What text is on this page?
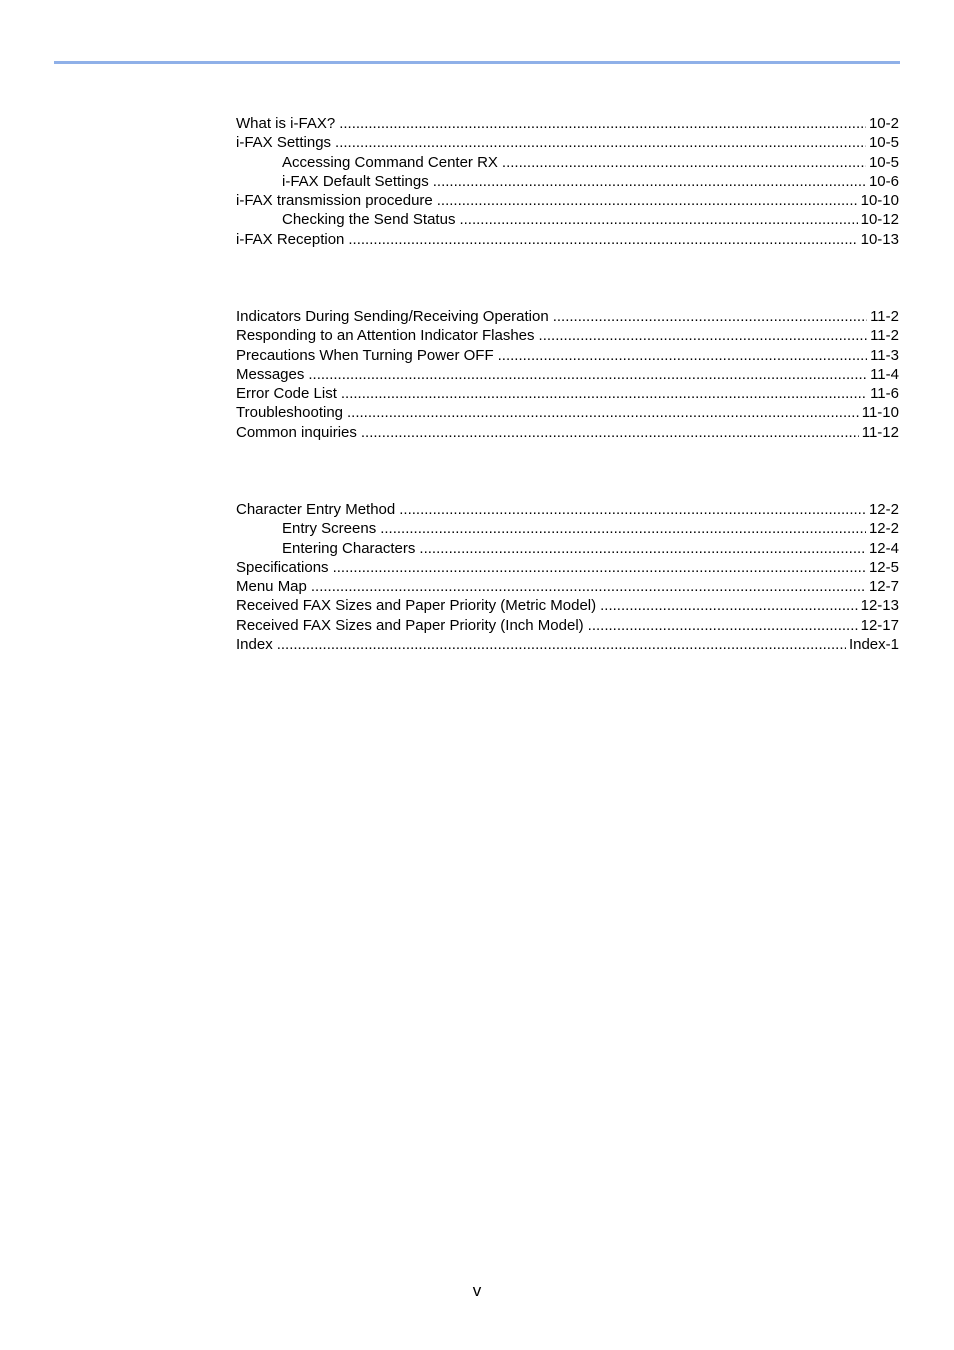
What is i-FAX? .....	10-2
i-FAX Settings .....	10-5
Accessing Command Center RX .....	10-5
i-FAX Default Settings .....	10-6
i-FAX transmission procedure .....	10-10
Checking the Send Status .....	10-12
i-FAX Reception .....	10-13
Indicators During Sending/Receiving Operation .....	11-2
Responding to an Attention Indicator Flashes .....	11-2
Precautions When Turning Power OFF .....	11-3
Messages .....	11-4
Error Code List .....	11-6
Troubleshooting .....	11-10
Common inquiries .....	11-12
Character Entry Method .....	12-2
Entry Screens .....	12-2
Entering Characters .....	12-4
Specifications .....	12-5
Menu Map .....	12-7
Received FAX Sizes and Paper Priority (Metric Model) .....	12-13
Received FAX Sizes and Paper Priority (Inch Model) .....	12-17
Index .....	Index-1
v
